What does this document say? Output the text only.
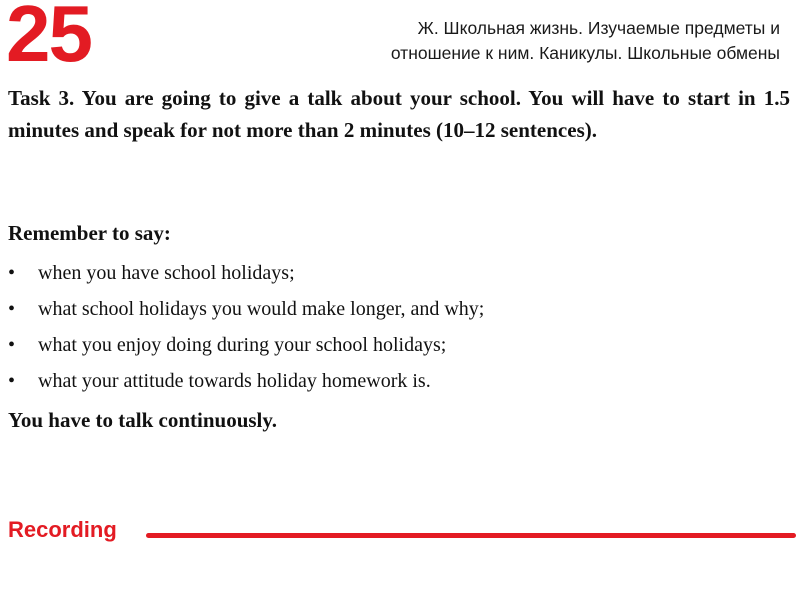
25	Ж. Школьная жизнь. Изучаемые предметы и
отношение к ним. Каникулы. Школьные обмены
Task 3. You are going to give a talk about your school. You will have to start in 1.5 minutes and speak for not more than 2 minutes (10–12 sentences).
Remember to say:
• when you have school holidays;
• what school holidays you would make longer, and why;
• what you enjoy doing during your school holidays;
• what your attitude towards holiday homework is.
You have to talk continuously.
Recording
